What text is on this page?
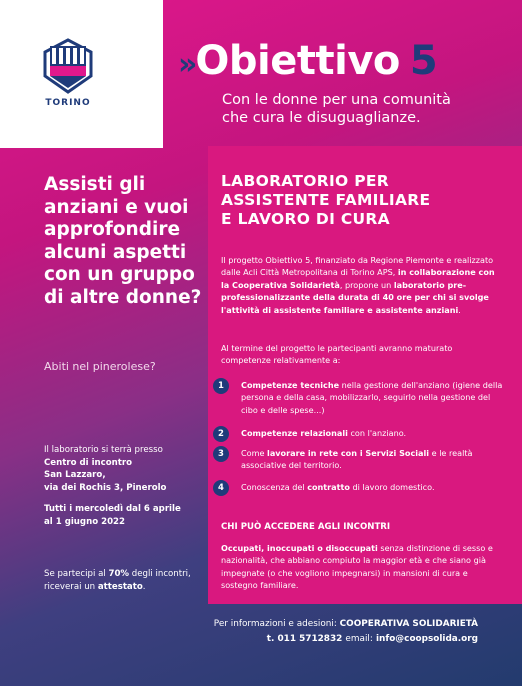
TORINO
» Obiettivo 5
Con le donne per una comunità
che cura le disuguaglianze.
Assisti gli anziani e vuoi approfondire alcuni aspetti con un gruppo di altre donne?
Abiti nel pinerolese?
Il laboratorio si terrà presso
Centro di incontro
San Lazzaro,
via dei Rochis 3, Pinerolo
Tutti i mercoledì dal 6 aprile
al 1 giugno 2022
Se partecipi al 70% degli incontri, riceverai un attestato.
LABORATORIO PER
ASSISTENTE FAMILIARE
E LAVORO DI CURA
Il progetto Obiettivo 5, finanziato da Regione Piemonte e realizzato dalle Acli Città Metropolitana di Torino APS, in collaborazione con la Cooperativa Solidarietà, propone un laboratorio pre-professionalizzante della durata di 40 ore per chi si svolge l'attività di assistente familiare e assistente anziani.
Al termine del progetto le partecipanti avranno maturato competenze relativamente a:
1	Competenze tecniche nella gestione dell'anziano (igiene della persona e della casa, mobilizzarlo, seguirlo nella gestione del cibo e delle spese...)
2	Competenze relazionali con l'anziano.
3	Come lavorare in rete con i Servizi Sociali e le realtà associative del territorio.
4	Conoscenza del contratto di lavoro domestico.
CHI PUÒ ACCEDERE AGLI INCONTRI
Occupati, inoccupati o disoccupati senza distinzione di sesso e nazionalità, che abbiano compiuto la maggior età e che siano già impegnate (o che vogliono impegnarsi) in mansioni di cura e sostegno familiare.
Per informazioni e adesioni: COOPERATIVA SOLIDARIETÀ
t. 011 5712832 email: info@coopsolida.org
